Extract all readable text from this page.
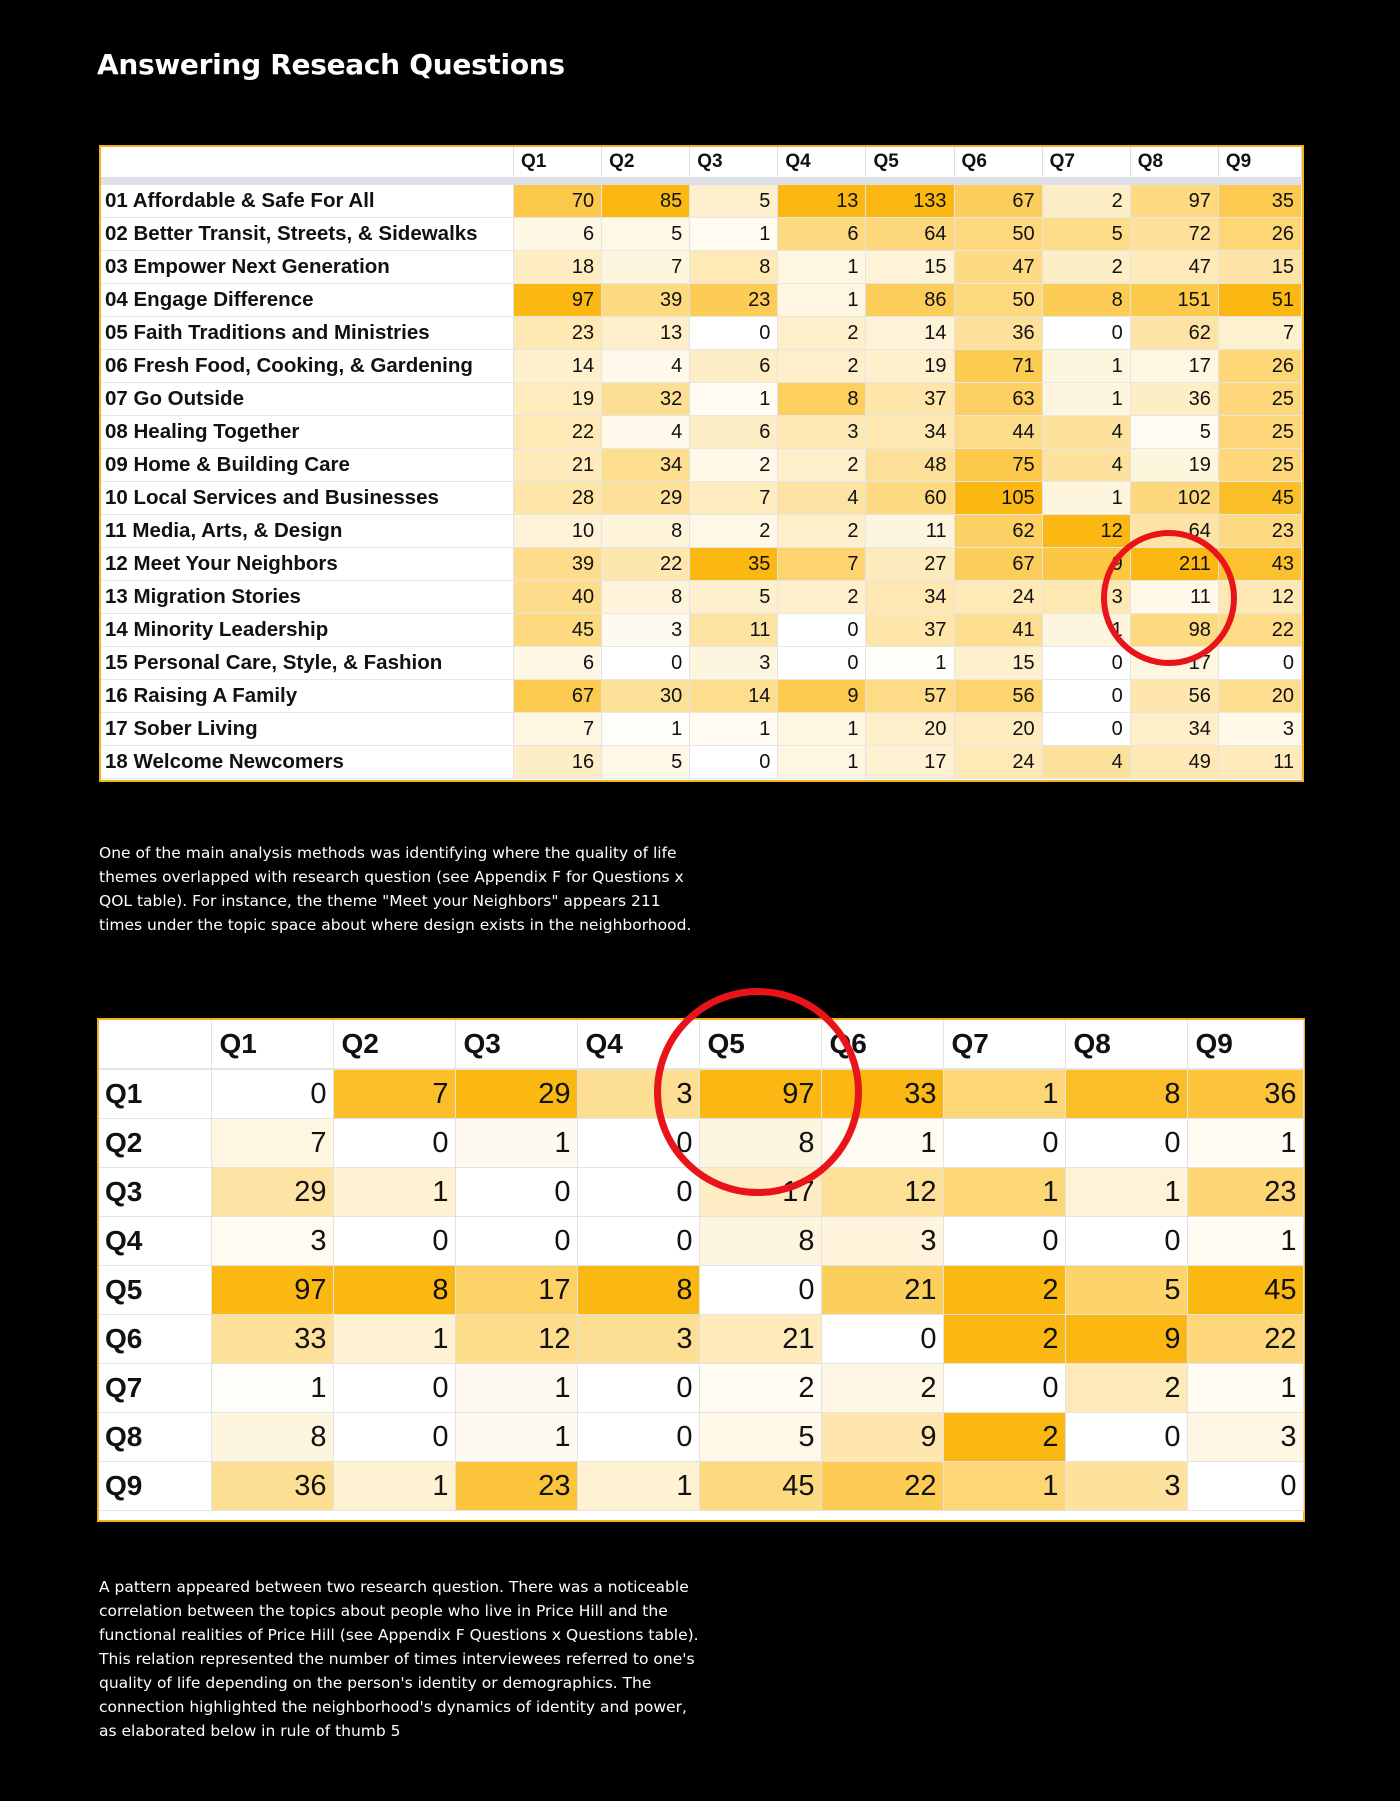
Answering Reseach Questions
	Q1	Q2	Q3	Q4	Q5	Q6	Q7	Q8	Q9
01 Affordable & Safe For All	70	85	5	13	133	67	2	97	35
02 Better Transit, Streets, & Sidewalks	6	5	1	6	64	50	5	72	26
03 Empower Next Generation	18	7	8	1	15	47	2	47	15
04 Engage Difference	97	39	23	1	86	50	8	151	51
05 Faith Traditions and Ministries	23	13	0	2	14	36	0	62	7
06 Fresh Food, Cooking, & Gardening	14	4	6	2	19	71	1	17	26
07 Go Outside	19	32	1	8	37	63	1	36	25
08 Healing Together	22	4	6	3	34	44	4	5	25
09 Home & Building Care	21	34	2	2	48	75	4	19	25
10 Local Services and Businesses	28	29	7	4	60	105	1	102	45
11 Media, Arts, & Design	10	8	2	2	11	62	12	64	23
12 Meet Your Neighbors	39	22	35	7	27	67	9	211	43
13 Migration Stories	40	8	5	2	34	24	3	11	12
14 Minority Leadership	45	3	11	0	37	41	1	98	22
15 Personal Care, Style, & Fashion	6	0	3	0	1	15	0	17	0
16 Raising A Family	67	30	14	9	57	56	0	56	20
17 Sober Living	7	1	1	1	20	20	0	34	3
18 Welcome Newcomers	16	5	0	1	17	24	4	49	11

One of the main analysis methods was identifying where the quality of life themes overlapped with research question (see Appendix F for Questions x QOL table). For instance, the theme "Meet your Neighbors" appears 211 times under the topic space about where design exists in the neighborhood.

	Q1	Q2	Q3	Q4	Q5	Q6	Q7	Q8	Q9
Q1	0	7	29	3	97	33	1	8	36
Q2	7	0	1	0	8	1	0	0	1
Q3	29	1	0	0	17	12	1	1	23
Q4	3	0	0	0	8	3	0	0	1
Q5	97	8	17	8	0	21	2	5	45
Q6	33	1	12	3	21	0	2	9	22
Q7	1	0	1	0	2	2	0	2	1
Q8	8	0	1	0	5	9	2	0	3
Q9	36	1	23	1	45	22	1	3	0

A pattern appeared between two research question. There was a noticeable correlation between the topics about people who live in Price Hill and the functional realities of Price Hill (see Appendix F Questions x Questions table). This relation represented the number of times interviewees referred to one's quality of life depending on the person's identity or demographics. The connection highlighted the neighborhood's dynamics of identity and power, as elaborated below in rule of thumb 5
